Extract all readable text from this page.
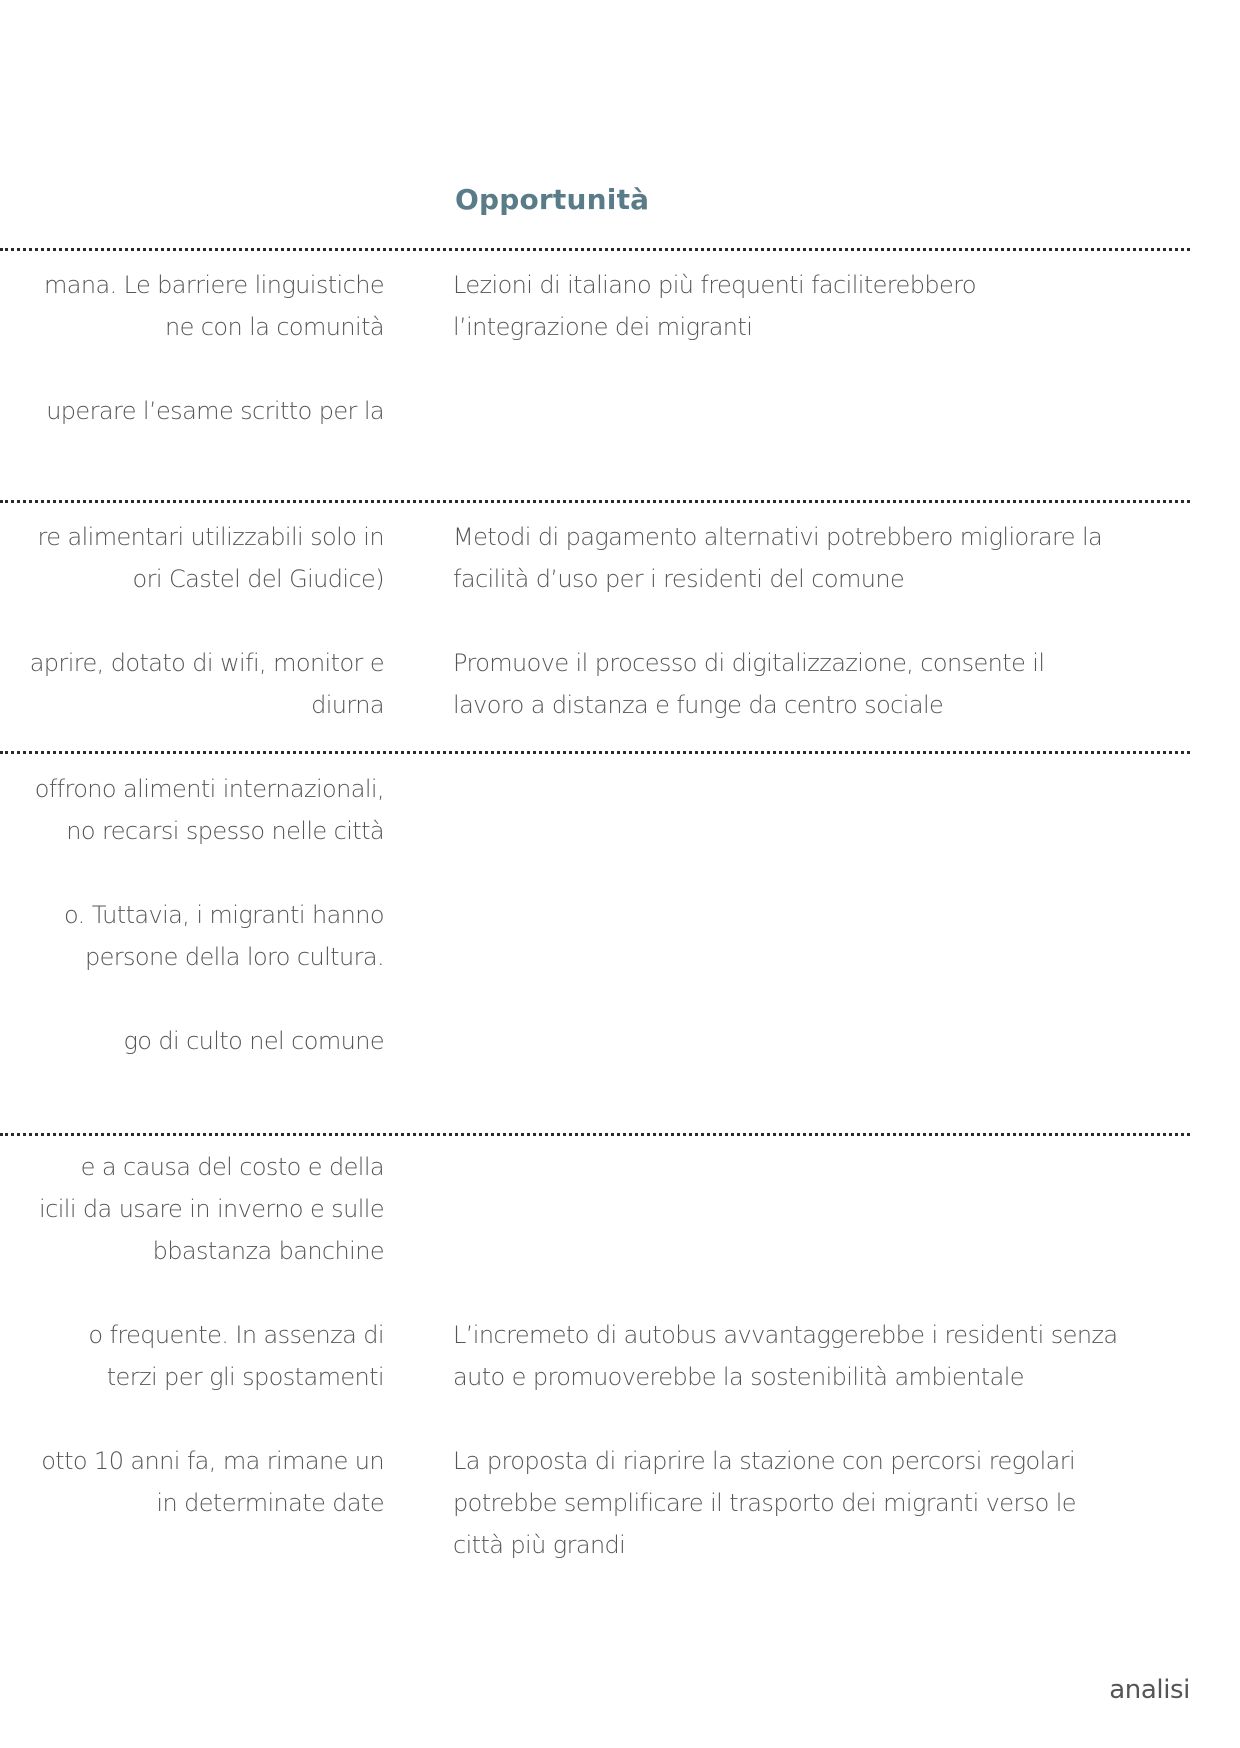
Opportunità
mana. Le barriere linguistiche
ne con la comunità
uperare l’esame scritto per la
re alimentari utilizzabili solo in
ori Castel del Giudice)
aprire, dotato di wifi, monitor e
diurna
offrono alimenti internazionali,
no recarsi spesso nelle città
o. Tuttavia, i migranti hanno
persone della loro cultura.
go di culto nel comune
e a causa del costo e della
icili da usare in inverno e sulle
bbastanza banchine
o frequente. In assenza di
terzi per gli spostamenti
otto 10 anni fa, ma rimane un
in determinate date
Lezioni di italiano più frequenti faciliterebbero
l’integrazione dei migranti
Metodi di pagamento alternativi potrebbero migliorare la
facilità d’uso per i residenti del comune
Promuove il processo di digitalizzazione, consente il
lavoro a distanza e funge da centro sociale
L’incremeto di autobus avvantaggerebbe i residenti senza
auto e promuoverebbe la sostenibilità ambientale
La proposta di riaprire la stazione con percorsi regolari
potrebbe semplificare il trasporto dei migranti verso le
città più grandi
analisi
